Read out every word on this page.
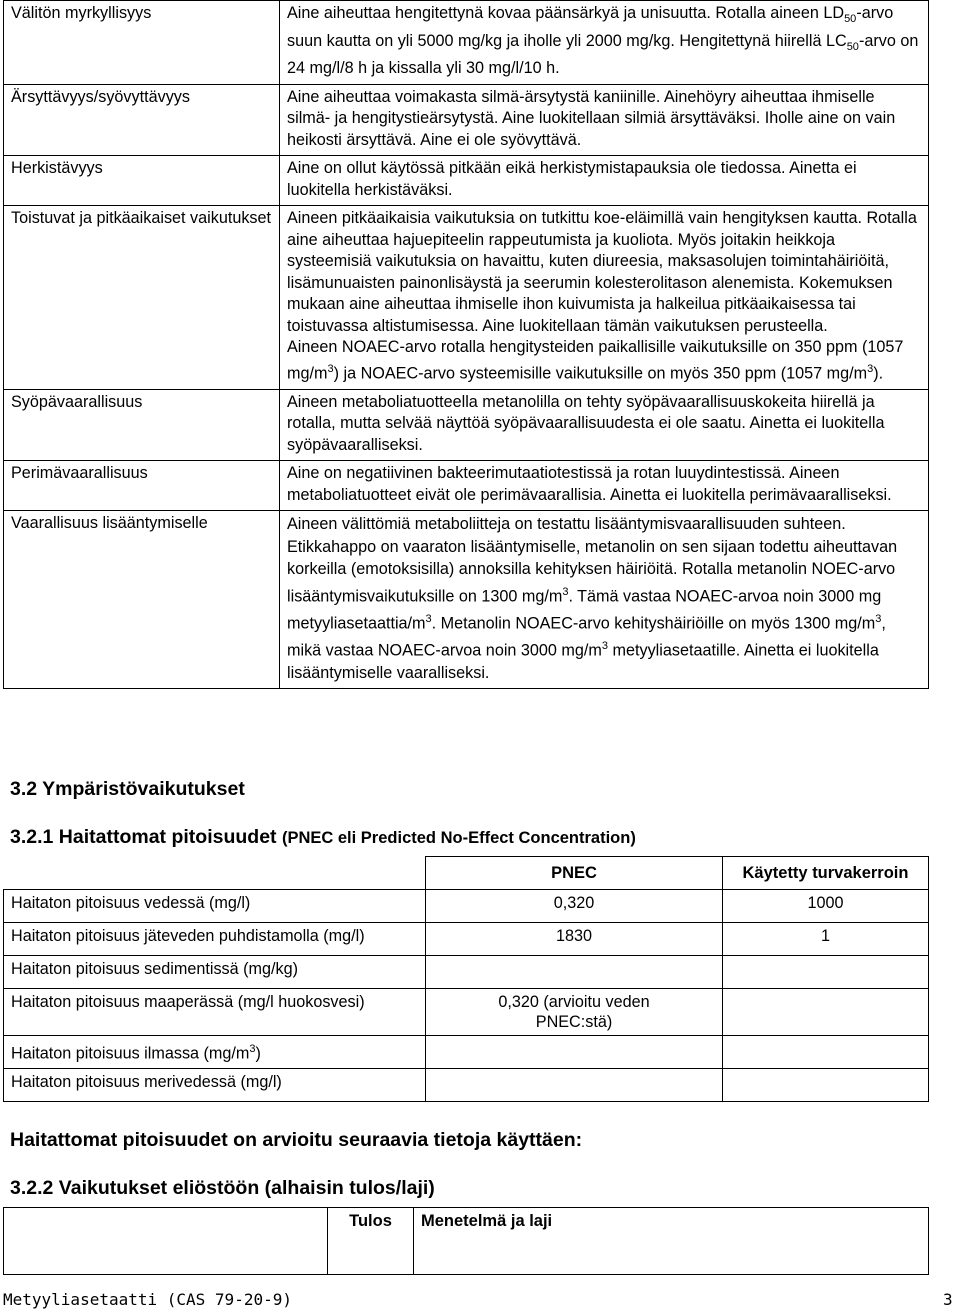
Välitön myrkyllisyys	Aine aiheuttaa hengitettynä kovaa päänsärkyä ja unisuutta. Rotalla aineen $LD_{50}$-arvo suun kautta on yli 5000 mg/kg ja iholle yli 2000 mg/kg. Hengitettynä hiirellä $LC_{50}$-arvo on 24 mg/l/8 h ja kissalla yli 30 mg/l/10 h.
Ärsyttävyys/syövyttävyys	Aine aiheuttaa voimakasta silmä-ärsytystä kaniinille. Ainehöyry aiheuttaa ihmiselle silmä- ja hengitystieärsytystä. Aine luokitellaan silmiä ärsyttäväksi. Iholle aine on vain heikosti ärsyttävä. Aine ei ole syövyttävä.
Herkistävyys	Aine on ollut käytössä pitkään eikä herkistymistapauksia ole tiedossa. Ainetta ei luokitella herkistäväksi.
Toistuvat ja pitkäaikaiset vaikutukset	Aineen pitkäaikaisia vaikutuksia on tutkittu koe-eläimillä vain hengityksen kautta. Rotalla aine aiheuttaa hajuepiteelin rappeutumista ja kuoliota. Myös joitakin heikkoja systeemisiä vaikutuksia on havaittu, kuten diureesia, maksasolujen toimintahäiriöitä, lisämunuaisten painonlisäystä ja seerumin kolesterolitason alenemista. Kokemuksen mukaan aine aiheuttaa ihmiselle ihon kuivumista ja halkeilua pitkäaikaisessa tai toistuvassa altistumisessa. Aine luokitellaan tämän vaikutuksen perusteella.
Aineen NOAEC-arvo rotalla hengitysteiden paikallisille vaikutuksille on 350 ppm (1057 $mg/m^3$) ja NOAEC-arvo systeemisille vaikutuksille on myös 350 ppm (1057 $mg/m^3$).

Syöpävaarallisuus	Aineen metaboliatuotteella metanolilla on tehty syöpävaarallisuuskokeita hiirellä ja rotalla, mutta selvää näyttöä syöpävaarallisuudesta ei ole saatu. Ainetta ei luokitella syöpävaaralliseksi.
Perimävaarallisuus	Aine on negatiivinen bakteerimutaatiotestissä ja rotan luuydintestissä. Aineen metaboliatuotteet eivät ole perimävaarallisia. Ainetta ei luokitella perimävaaralliseksi.
Vaarallisuus lisääntymiselle	Aineen välittömiä metaboliitteja on testattu lisääntymisvaarallisuuden suhteen. Etikkahappo on vaaraton lisääntymiselle, metanolin on sen sijaan todettu aiheuttavan korkeilla (emotoksisilla) annoksilla kehityksen häiriöitä. Rotalla metanolin NOEC-arvo lisääntymisvaikutuksille on 1300 $mg/m^3$. Tämä vastaa NOAEC-arvoa noin 3000 mg metyyliasetaattia/$m^3$. Metanolin NOAEC-arvo kehityshäiriöille on myös 1300 $mg/m^3$, mikä vastaa NOAEC-arvoa noin 3000 $mg/m^3$ metyyliasetaatille. Ainetta ei luokitella lisääntymiselle vaaralliseksi.
3.2 Ympäristövaikutukset
3.2.1 Haitattomat pitoisuudet (PNEC eli Predicted No-Effect Concentration)
	PNEC	Käytetty turvakerroin
Haitaton pitoisuus vedessä (mg/l)	0,320	1000
Haitaton pitoisuus jäteveden puhdistamolla (mg/l)	1830	1
Haitaton pitoisuus sedimentissä (mg/kg)		
Haitaton pitoisuus maaperässä (mg/l huokosvesi)	0,320 (arvioitu veden PNEC:stä)	
Haitaton pitoisuus ilmassa $(mg/m^3)$		
Haitaton pitoisuus merivedessä (mg/l)		
Haitattomat pitoisuudet on arvioitu seuraavia tietoja käyttäen:
3.2.2 Vaikutukset eliöstöön (alhaisin tulos/laji)
	Tulos	Menetelmä ja laji
Metyyliasetaatti (CAS 79-20-9)	3
